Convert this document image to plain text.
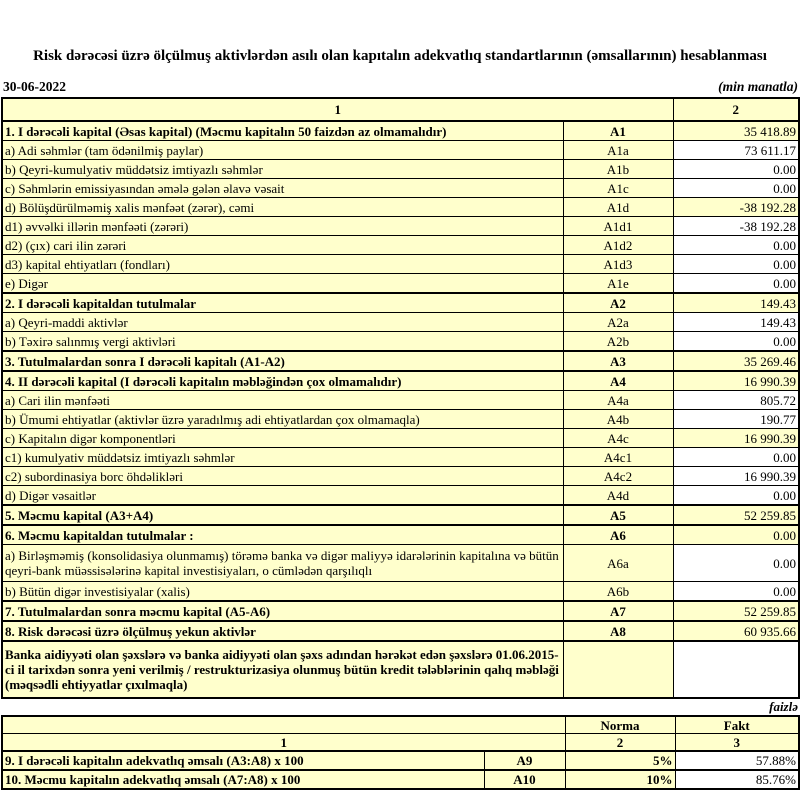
Risk dərəcəsi üzrə ölçülmuş aktivlərdən asılı olan kapıtalın adekvatlıq standartlarının (əmsallarının) hesablanması
30-06-2022	(min manatla)
1		2
1. I dərəcəli kapital (Əsas kapital) (Məcmu kapitalın 50 faizdən az olmamalıdır)	A1	35 418.89
a) Adi səhmlər (tam ödənilmiş paylar)	A1a	73 611.17
b) Qeyri-kumulyativ müddətsiz imtiyazlı səhmlər	A1b	0.00
c) Səhmlərin emissiyasından əmələ gələn əlavə vəsait	A1c	0.00
d) Bölüşdürülməmiş xalis mənfəət (zərər), cəmi	A1d	-38 192.28
d1) əvvəlki illərin mənfəəti (zərəri)	A1d1	-38 192.28
d2) (çıx) cari ilin zərəri	A1d2	0.00
d3) kapital ehtiyatları (fondları)	A1d3	0.00
e) Digər	A1e	0.00
2. I dərəcəli kapitaldan tutulmalar	A2	149.43
a) Qeyri-maddi aktivlər	A2a	149.43
b) Təxirə salınmış vergi aktivləri	A2b	0.00
3. Tutulmalardan sonra I dərəcəli kapitalı (A1-A2)	A3	35 269.46
4. II dərəcəli kapital (I dərəcəli kapitalın məbləğindən çox olmamalıdır)	A4	16 990.39
a) Cari ilin mənfəəti	A4a	805.72
b) Ümumi ehtiyatlar (aktivlər üzrə yaradılmış adi ehtiyatlardan çox olmamaqla)	A4b	190.77
c) Kapitalın digər komponentləri	A4c	16 990.39
c1) kumulyativ müddətsiz imtiyazlı səhmlər	A4c1	0.00
c2) subordinasiya borc öhdəlikləri	A4c2	16 990.39
d) Digər vəsaitlər	A4d	0.00
5. Məcmu kapital (A3+A4)	A5	52 259.85
6. Məcmu kapitaldan tutulmalar :	A6	0.00
a) Birləşməmiş (konsolidasiya olunmamış) törəmə banka və digər maliyyə idarələrinin kapitalına və bütün qeyri-bank müəssisələrinə kapital investisiyaları, o cümlədən qarşılıqlı	A6a	0.00
b) Bütün digər investisiyalar (xalis)	A6b	0.00
7. Tutulmalardan sonra məcmu kapital (A5-A6)	A7	52 259.85
8. Risk dərəcəsi üzrə ölçülmuş yekun aktivlər	A8	60 935.66
Banka aidiyyəti olan şəxslərə və banka aidiyyəti olan şəxs adından hərəkət edən şəxslərə 01.06.2015-ci il tarixdən sonra yeni verilmiş / restrukturizasiya olunmuş bütün kredit tələblərinin qalıq məbləği (məqsədli ehtiyyatlar çıxılmaqla)		
faizlə
		Norma	Fakt
1		2	3
9. I dərəcəli kapitalın adekvatlıq əmsalı (A3:A8) x 100	A9	5%	57.88%
10. Məcmu kapitalın adekvatlıq əmsalı (A7:A8) x 100	A10	10%	85.76%
